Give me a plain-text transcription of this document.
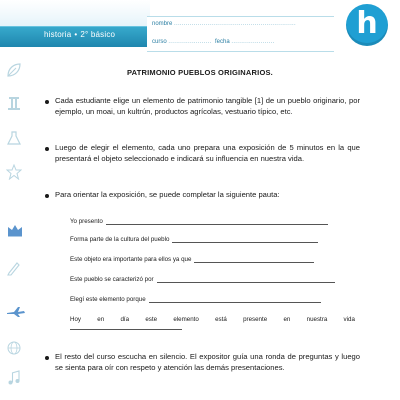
historia • 2° básico
nombre ..............................................................
curso ...................... fecha ......................
h
PATRIMONIO PUEBLOS ORIGINARIOS.
Cada estudiante elige un elemento de patrimonio tangible [1] de un pueblo originario, por ejemplo, un moai, un kultrún, productos agrícolas, vestuario típico, etc.
Luego de elegir el elemento, cada uno prepara una exposición de 5 minutos en la que presentará el objeto seleccionado e indicará su influencia en nuestra vida.
Para orientar la exposición, se puede completar la siguiente pauta:
Yo presento
Forma parte de la cultura del pueblo
Este objeto era importante para ellos ya que
Este pueblo se caracterizó por
Elegí este elemento porque
Hoy	en	día	este	elemento	está	presente	en	nuestra	vida
El resto del curso escucha en silencio. El expositor guía una ronda de preguntas y luego se sienta para oír con respeto y atención las demás presentaciones.
